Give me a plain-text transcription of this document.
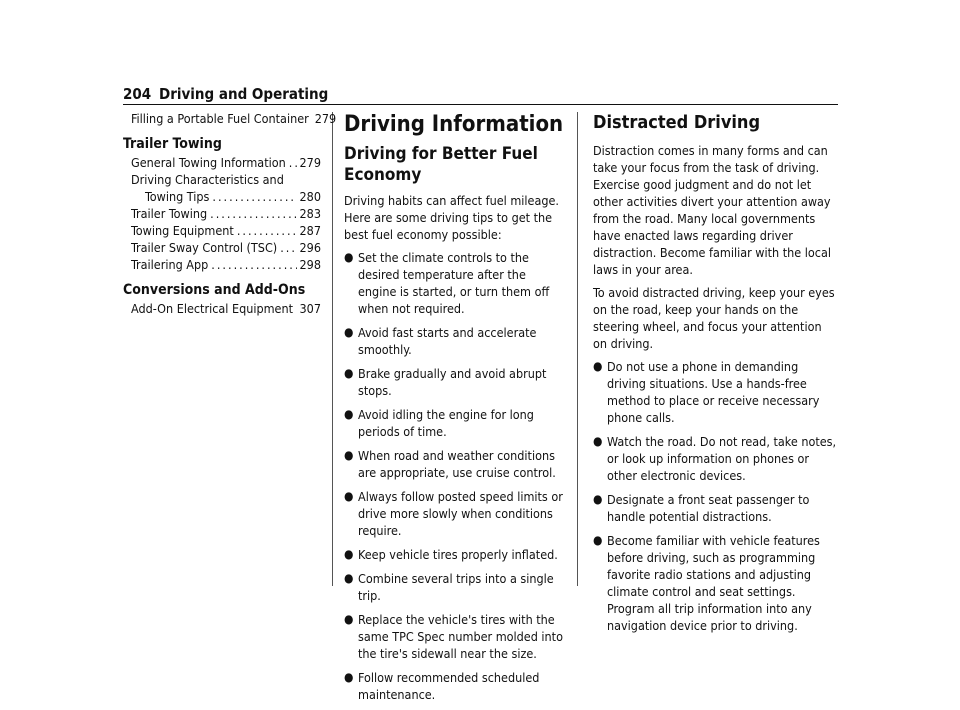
204 Driving and Operating
Filling a Portable Fuel Container 279
Trailer Towing
General Towing Information ..... 279
Driving Characteristics and
Towing Tips .....	280
Trailer Towing .....	283
Towing Equipment .....	287
Trailer Sway Control (TSC) ..... 296
Trailering App .....	298
Conversions and Add-Ons
Add-On Electrical Equipment ..... 307
Driving Information
Driving for Better Fuel Economy

Driving habits can affect fuel mileage. Here are some driving tips to get the best fuel economy possible:

● Set the climate controls to the desired temperature after the engine is started, or turn them off when not required.
● Avoid fast starts and accelerate smoothly.
● Brake gradually and avoid abrupt stops.
● Avoid idling the engine for long periods of time.
● When road and weather conditions are appropriate, use cruise control.
● Always follow posted speed limits or drive more slowly when conditions require.
● Keep vehicle tires properly inflated.
● Combine several trips into a single trip.
● Replace the vehicle's tires with the same TPC Spec number molded into the tire's sidewall near the size.
● Follow recommended scheduled maintenance.
Distracted Driving

Distraction comes in many forms and can take your focus from the task of driving. Exercise good judgment and do not let other activities divert your attention away from the road. Many local governments have enacted laws regarding driver distraction. Become familiar with the local laws in your area.

To avoid distracted driving, keep your eyes on the road, keep your hands on the steering wheel, and focus your attention on driving.

● Do not use a phone in demanding driving situations. Use a hands-free method to place or receive necessary phone calls.
● Watch the road. Do not read, take notes, or look up information on phones or other electronic devices.
● Designate a front seat passenger to handle potential distractions.
● Become familiar with vehicle features before driving, such as programming favorite radio stations and adjusting climate control and seat settings. Program all trip information into any navigation device prior to driving.
